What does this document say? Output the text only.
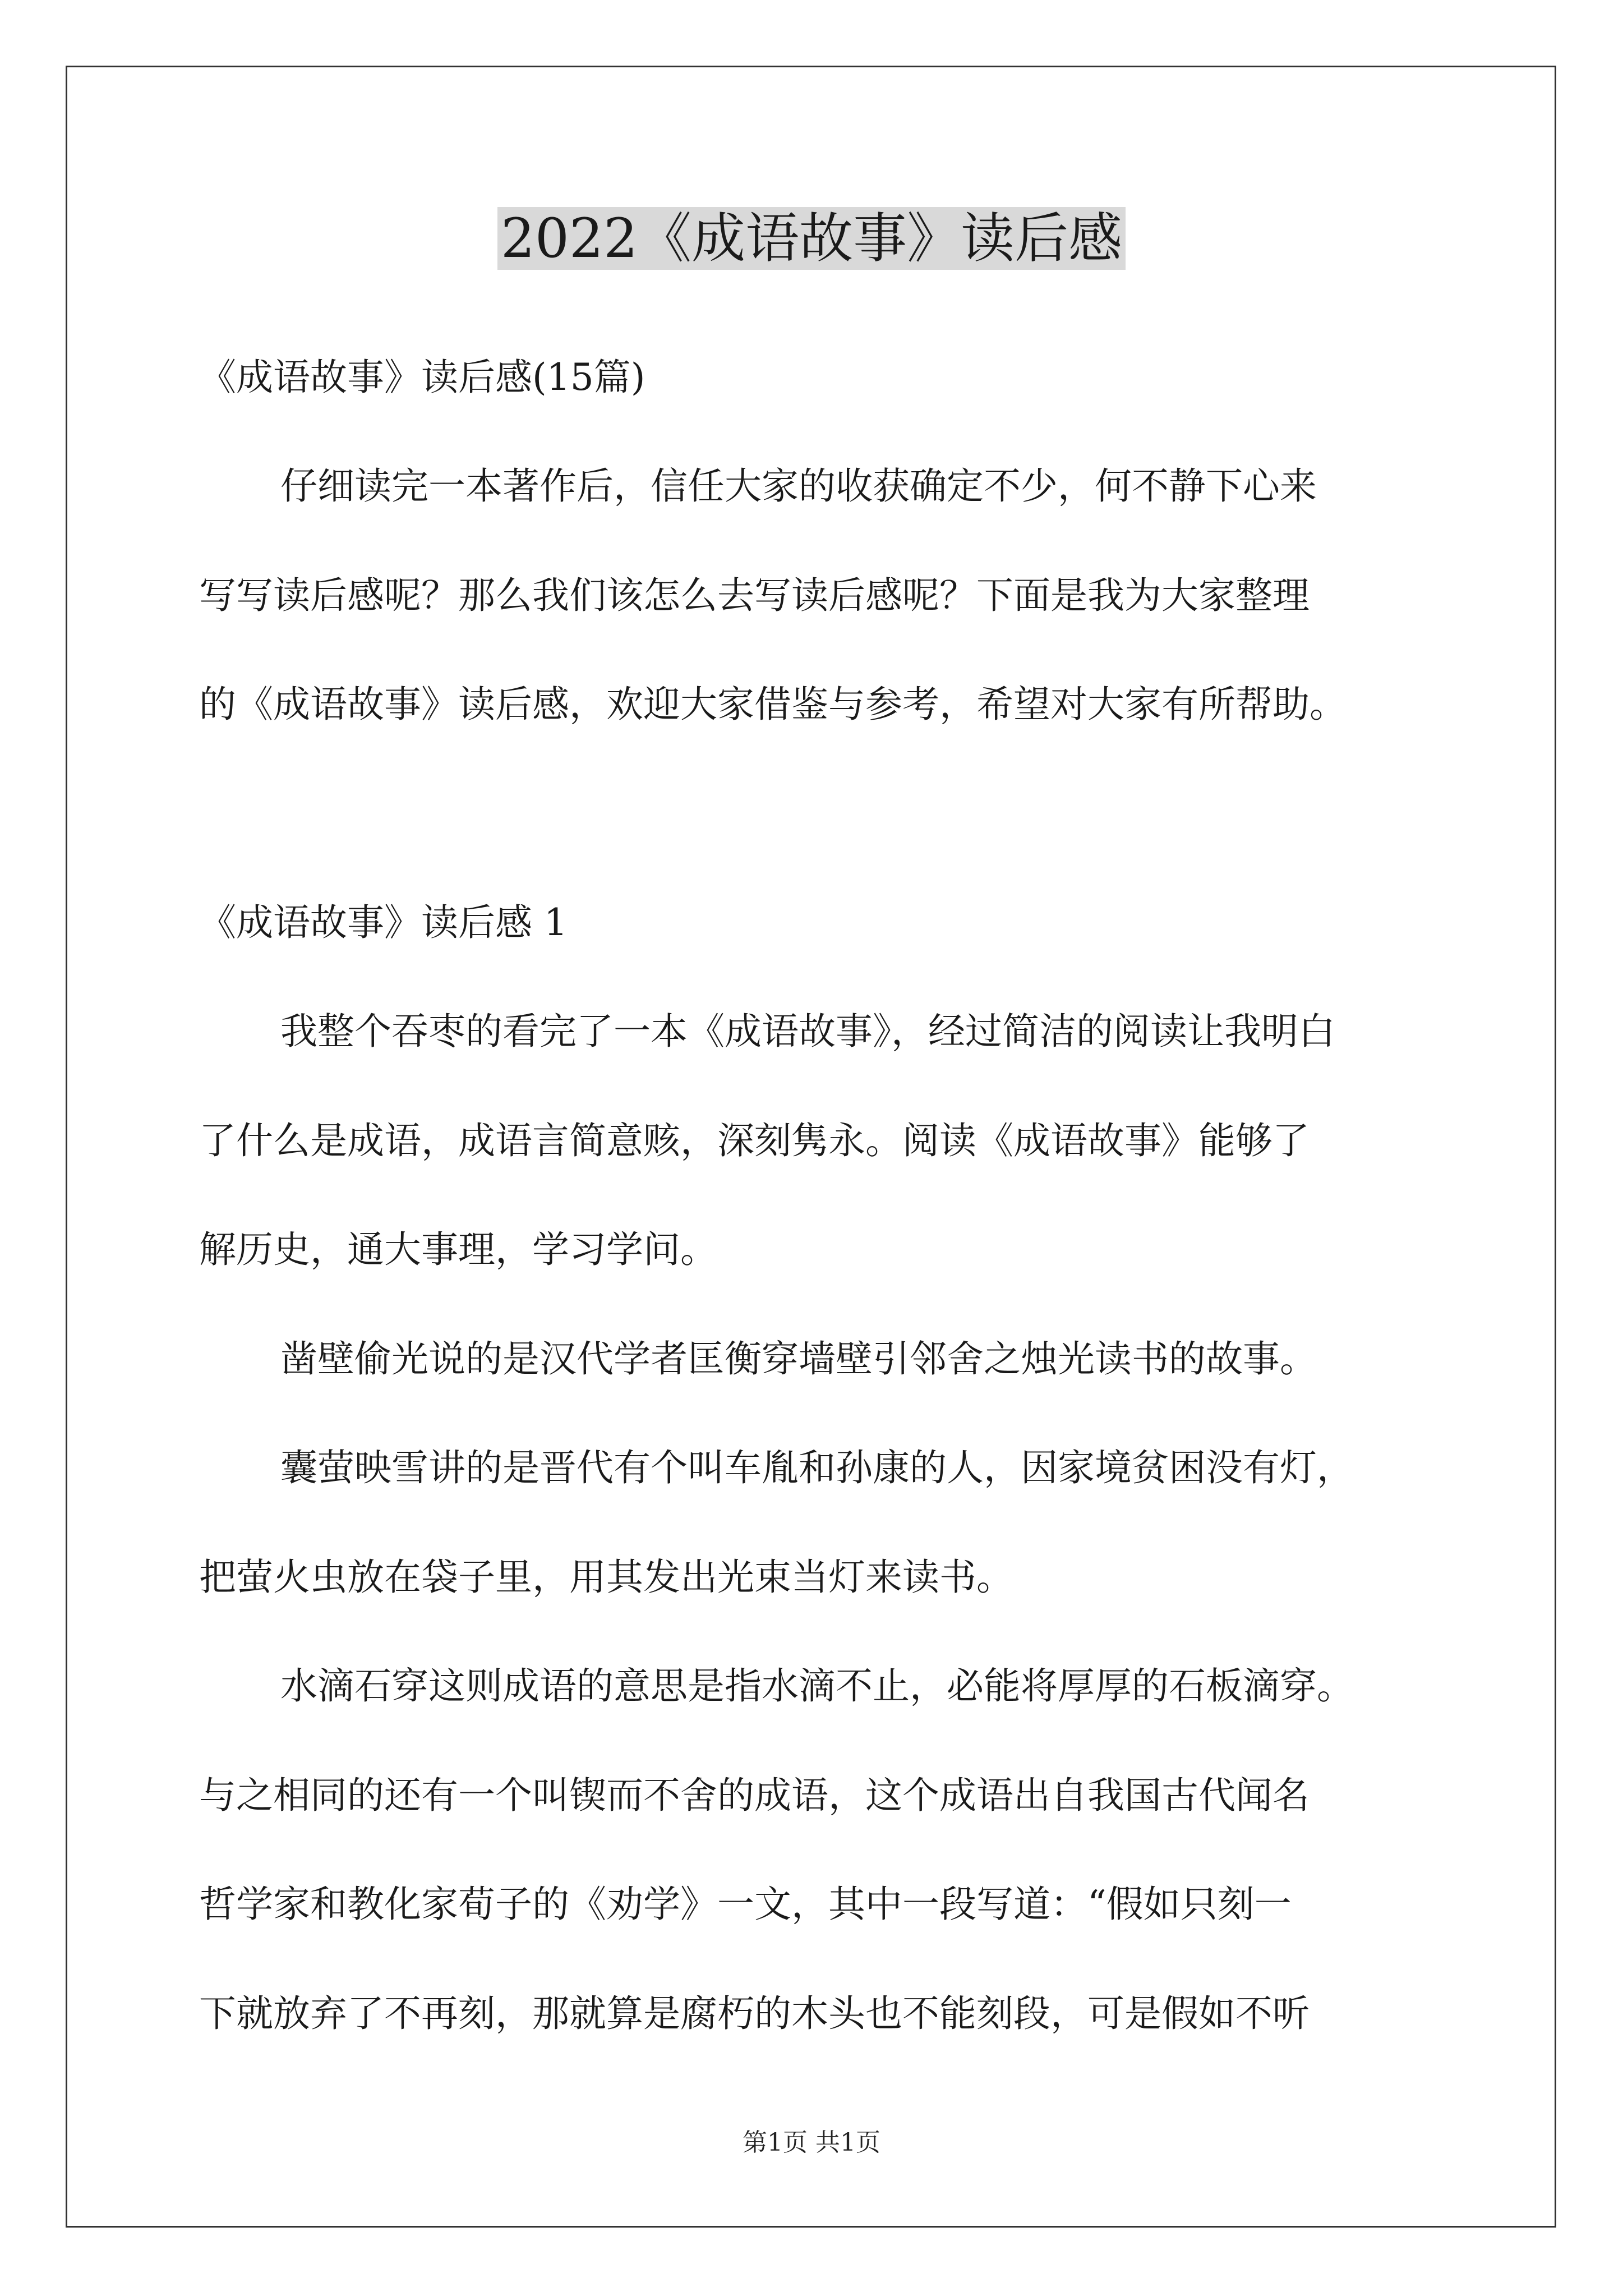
2022《成语故事》读后感
《成语故事》读后感(15篇)
仔细读完一本著作后，信任大家的收获确定不少，何不静下心来
写写读后感呢？那么我们该怎么去写读后感呢？下面是我为大家整理
的《成语故事》读后感，欢迎大家借鉴与参考，希望对大家有所帮助。
《成语故事》读后感 1
我整个吞枣的看完了一本《成语故事》，经过简洁的阅读让我明白
了什么是成语，成语言简意赅，深刻隽永。阅读《成语故事》能够了
解历史，通大事理，学习学问。
凿壁偷光说的是汉代学者匡衡穿墙壁引邻舍之烛光读书的故事。
囊萤映雪讲的是晋代有个叫车胤和孙康的人，因家境贫困没有灯，
把萤火虫放在袋子里，用其发出光束当灯来读书。
水滴石穿这则成语的意思是指水滴不止，必能将厚厚的石板滴穿。
与之相同的还有一个叫锲而不舍的成语，这个成语出自我国古代闻名
哲学家和教化家荀子的《劝学》一文，其中一段写道：“假如只刻一
下就放弃了不再刻，那就算是腐朽的木头也不能刻段，可是假如不听
第1页 共1页
